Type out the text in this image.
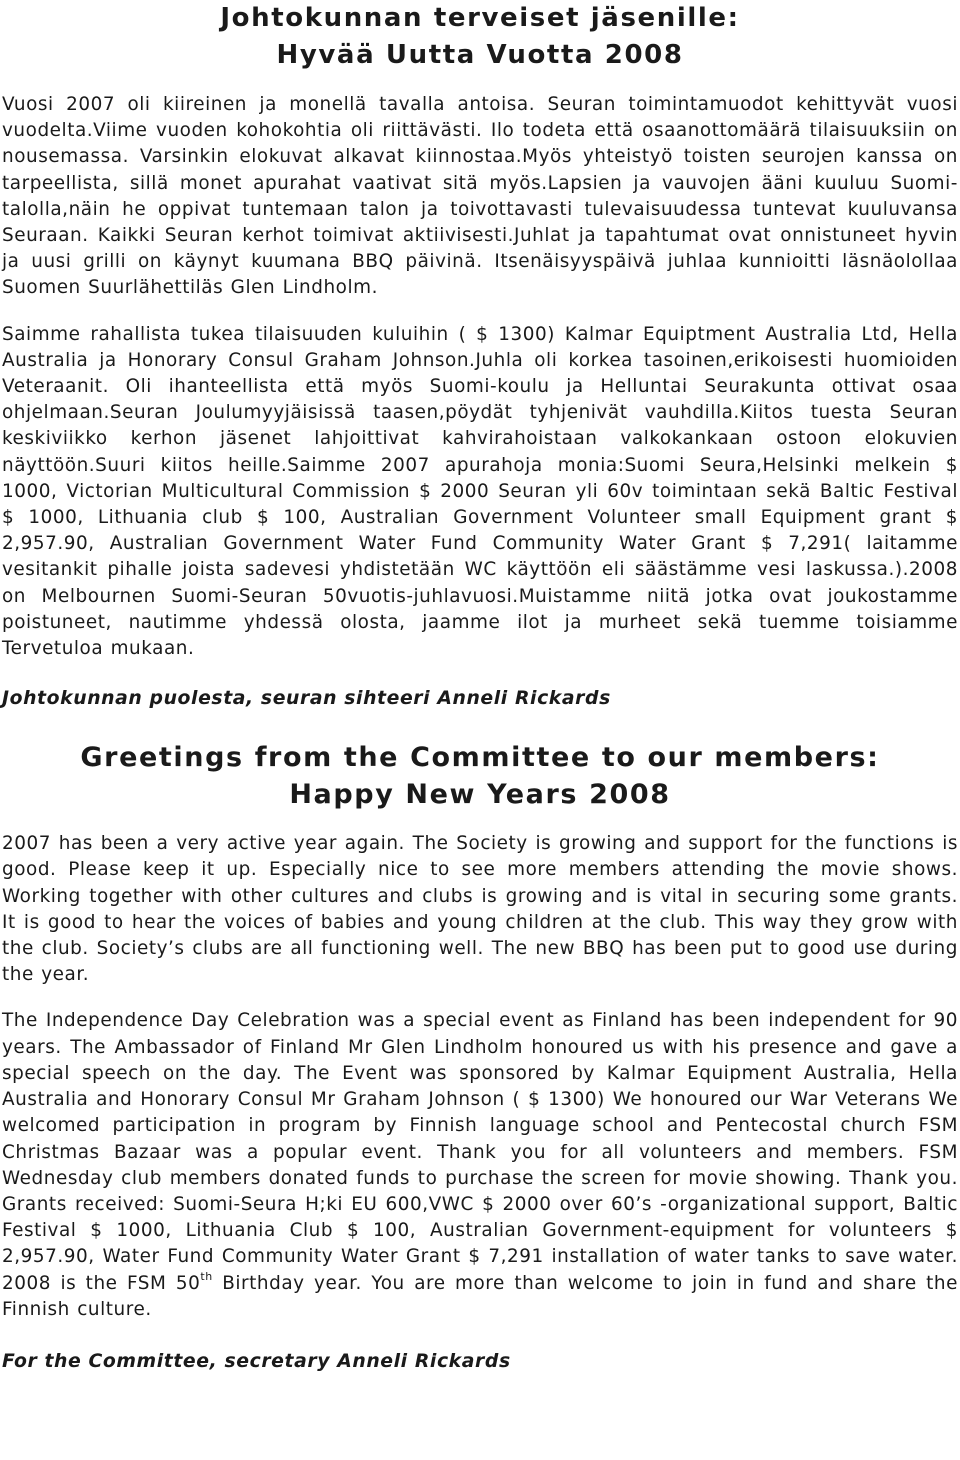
Johtokunnan terveiset jäsenille:
Hyvää Uutta Vuotta 2008

Vuosi 2007 oli kiireinen ja monellä tavalla antoisa. Seuran toimintamuodot kehittyvät vuosi vuodelta.Viime vuoden kohokohtia oli riittävästi. Ilo todeta että osaanottomäärä tilaisuuksiin on nousemassa. Varsinkin elokuvat alkavat kiinnostaa.Myös yhteistyö toisten seurojen kanssa on tarpeellista, sillä monet apurahat vaativat sitä myös.Lapsien ja vauvojen ääni kuuluu Suomi-talolla,näin he oppivat tuntemaan talon ja toivottavasti tulevaisuudessa tuntevat kuuluvansa Seuraan. Kaikki Seuran kerhot toimivat aktiivisesti.Juhlat ja tapahtumat ovat onnistuneet hyvin ja uusi grilli on käynyt kuumana BBQ päivinä. Itsenäisyyspäivä juhlaa kunnioitti läsnäolollaa Suomen Suurlähettiläs Glen Lindholm.

Saimme rahallista tukea tilaisuuden kuluihin ( $ 1300) Kalmar Equiptment Australia Ltd, Hella Australia ja Honorary Consul Graham Johnson.Juhla oli korkea tasoinen,erikoisesti huomioiden Veteraanit. Oli ihanteellista että myös Suomi-koulu ja Helluntai Seurakunta ottivat osaa ohjelmaan.Seuran Joulumyyjäisissä taasen,pöydät tyhjenivät vauhdilla.Kiitos tuesta Seuran keskiviikko kerhon jäsenet lahjoittivat kahvirahoistaan valkokankaan ostoon elokuvien näyttöön.Suuri kiitos heille.Saimme 2007 apurahoja monia:Suomi Seura,Helsinki melkein $ 1000, Victorian Multicultural Commission $ 2000 Seuran yli 60v toimintaan sekä Baltic Festival $ 1000, Lithuania club $ 100, Australian Government Volunteer small Equipment grant $ 2,957.90, Australian Government Water Fund Community Water Grant $ 7,291( laitamme vesitankit pihalle joista sadevesi yhdistetään WC käyttöön eli säästämme vesi laskussa.).2008 on Melbournen Suomi-Seuran 50vuotis-juhlavuosi.Muistamme niitä jotka ovat joukostamme poistuneet, nautimme yhdessä olosta, jaamme ilot ja murheet sekä tuemme toisiamme Tervetuloa mukaan.

Johtokunnan puolesta, seuran sihteeri Anneli Rickards

Greetings from the Committee to our members:
Happy New Years 2008

2007 has been a very active year again. The Society is growing and support for the functions is good. Please keep it up. Especially nice to see more members attending the movie shows. Working together with other cultures and clubs is growing and is vital in securing some grants. It is good to hear the voices of babies and young children at the club. This way they grow with the club. Society’s clubs are all functioning well. The new BBQ has been put to good use during the year.

The Independence Day Celebration was a special event as Finland has been independent for 90 years. The Ambassador of Finland Mr Glen Lindholm honoured us with his presence and gave a special speech on the day. The Event was sponsored by Kalmar Equipment Australia, Hella Australia and Honorary Consul Mr Graham Johnson ( $ 1300) We honoured our War Veterans We welcomed participation in program by Finnish language school and Pentecostal church FSM Christmas Bazaar was a popular event. Thank you for all volunteers and members. FSM Wednesday club members donated funds to purchase the screen for movie showing. Thank you. Grants received: Suomi-Seura H;ki EU 600,VWC $ 2000 over 60’s -organizational support, Baltic Festival $ 1000, Lithuania Club $ 100, Australian Government-equipment for volunteers $ 2,957.90, Water Fund Community Water Grant $ 7,291 installation of water tanks to save water. 2008 is the FSM 50th Birthday year. You are more than welcome to join in fund and share the Finnish culture.

For the Committee, secretary Anneli Rickards
